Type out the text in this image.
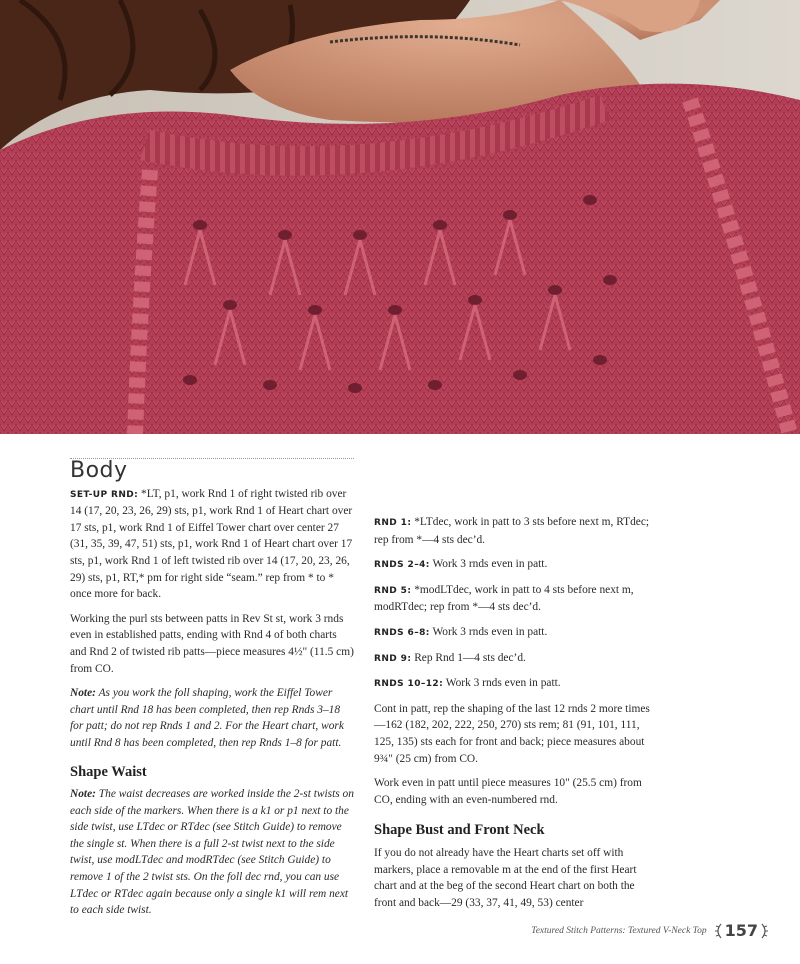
Body

SET-UP RND: *LT, p1, work Rnd 1 of right twisted rib over 14 (17, 20, 23, 26, 29) sts, p1, work Rnd 1 of Heart chart over 17 sts, p1, work Rnd 1 of Eiffel Tower chart over center 27 (31, 35, 39, 47, 51) sts, p1, work Rnd 1 of Heart chart over 17 sts, p1, work Rnd 1 of left twisted rib over 14 (17, 20, 23, 26, 29) sts, p1, RT,* pm for right side “seam.” rep from * to * once more for back.

Working the purl sts between patts in Rev St st, work 3 rnds even in established patts, ending with Rnd 4 of both charts and Rnd 2 of twisted rib patts—piece measures 4½" (11.5 cm) from CO.

Note: As you work the foll shaping, work the Eiffel Tower chart until Rnd 18 has been completed, then rep Rnds 3–18 for patt; do not rep Rnds 1 and 2. For the Heart chart, work until Rnd 8 has been completed, then rep Rnds 1–8 for patt.

Shape Waist

Note: The waist decreases are worked inside the 2-st twists on each side of the markers. When there is a k1 or p1 next to the side twist, use LTdec or RTdec (see Stitch Guide) to remove the single st. When there is a full 2-st twist next to the side twist, use modLTdec and modRTdec (see Stitch Guide) to remove 1 of the 2 twist sts. On the foll dec rnd, you can use LTdec or RTdec again because only a single k1 will rem next to each side twist.

RND 1: *LTdec, work in patt to 3 sts before next m, RTdec; rep from *—4 sts dec’d.

RNDS 2–4: Work 3 rnds even in patt.

RND 5: *modLTdec, work in patt to 4 sts before next m, modRTdec; rep from *—4 sts dec’d.

RNDS 6–8: Work 3 rnds even in patt.

RND 9: Rep Rnd 1—4 sts dec’d.

RNDS 10–12: Work 3 rnds even in patt.

Cont in patt, rep the shaping of the last 12 rnds 2 more times—162 (182, 202, 222, 250, 270) sts rem; 81 (91, 101, 111, 125, 135) sts each for front and back; piece measures about 9¾" (25 cm) from CO.

Work even in patt until piece measures 10" (25.5 cm) from CO, ending with an even-numbered rnd.

Shape Bust and Front Neck

If you do not already have the Heart charts set off with markers, place a removable m at the end of the first Heart chart and at the beg of the second Heart chart on both the front and back—29 (33, 37, 41, 49, 53) center

Textured Stitch Patterns: Textured V-Neck Top 157
